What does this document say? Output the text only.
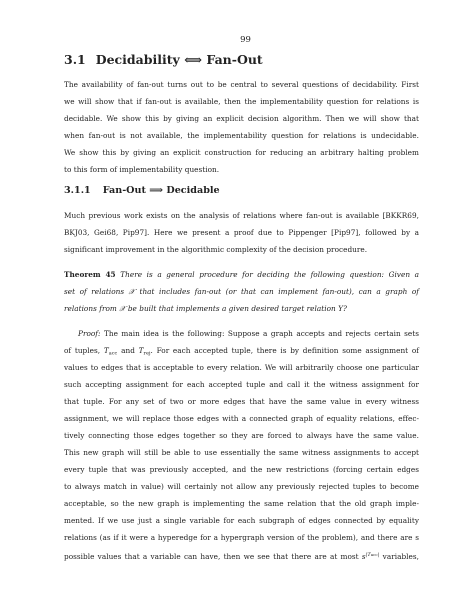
99
3.1 Decidability ⟺ Fan-Out
The availability of fan-out turns out to be central to several questions of decidability. First
we will show that if fan-out is available, then the implementability question for relations is
decidable. We show this by giving an explicit decision algorithm. Then we will show that
when fan-out is not available, the implementability question for relations is undecidable.
We show this by giving an explicit construction for reducing an arbitrary halting problem
to this form of implementability question.
3.1.1 Fan-Out ⟹ Decidable
Much previous work exists on the analysis of relations where fan-out is available [BKKR69,
BKJ03, Gei68, Pip97]. Here we present a proof due to Pippenger [Pip97], followed by a
significant improvement in the algorithmic complexity of the decision procedure.
Theorem 45 There is a general procedure for deciding the following question: Given a
set of relations 𝒳 that includes fan-out (or that can implement fan-out), can a graph of
relations from 𝒳 be built that implements a given desired target relation Y?
Proof: The main idea is the following: Suppose a graph accepts and rejects certain sets
of tuples, $T_{acc}$ and $T_{rej}$. For each accepted tuple, there is by definition some assignment of
values to edges that is acceptable to every relation. We will arbitrarily choose one particular
such accepting assignment for each accepted tuple and call it the witness assignment for
that tuple. For any set of two or more edges that have the same value in every witness
assignment, we will replace those edges with a connected graph of equality relations, effec-
tively connecting those edges together so they are forced to always have the same value.
This new graph will still be able to use essentially the same witness assignments to accept
every tuple that was previously accepted, and the new restrictions (forcing certain edges
to always match in value) will certainly not allow any previously rejected tuples to become
acceptable, so the new graph is implementing the same relation that the old graph imple-
mented. If we use just a single variable for each subgraph of edges connected by equality
relations (as if it were a hyperedge for a hypergraph version of the problem), and there are s
possible values that a variable can have, then we see that there are at most $s^{|Tacc|}$ variables,
